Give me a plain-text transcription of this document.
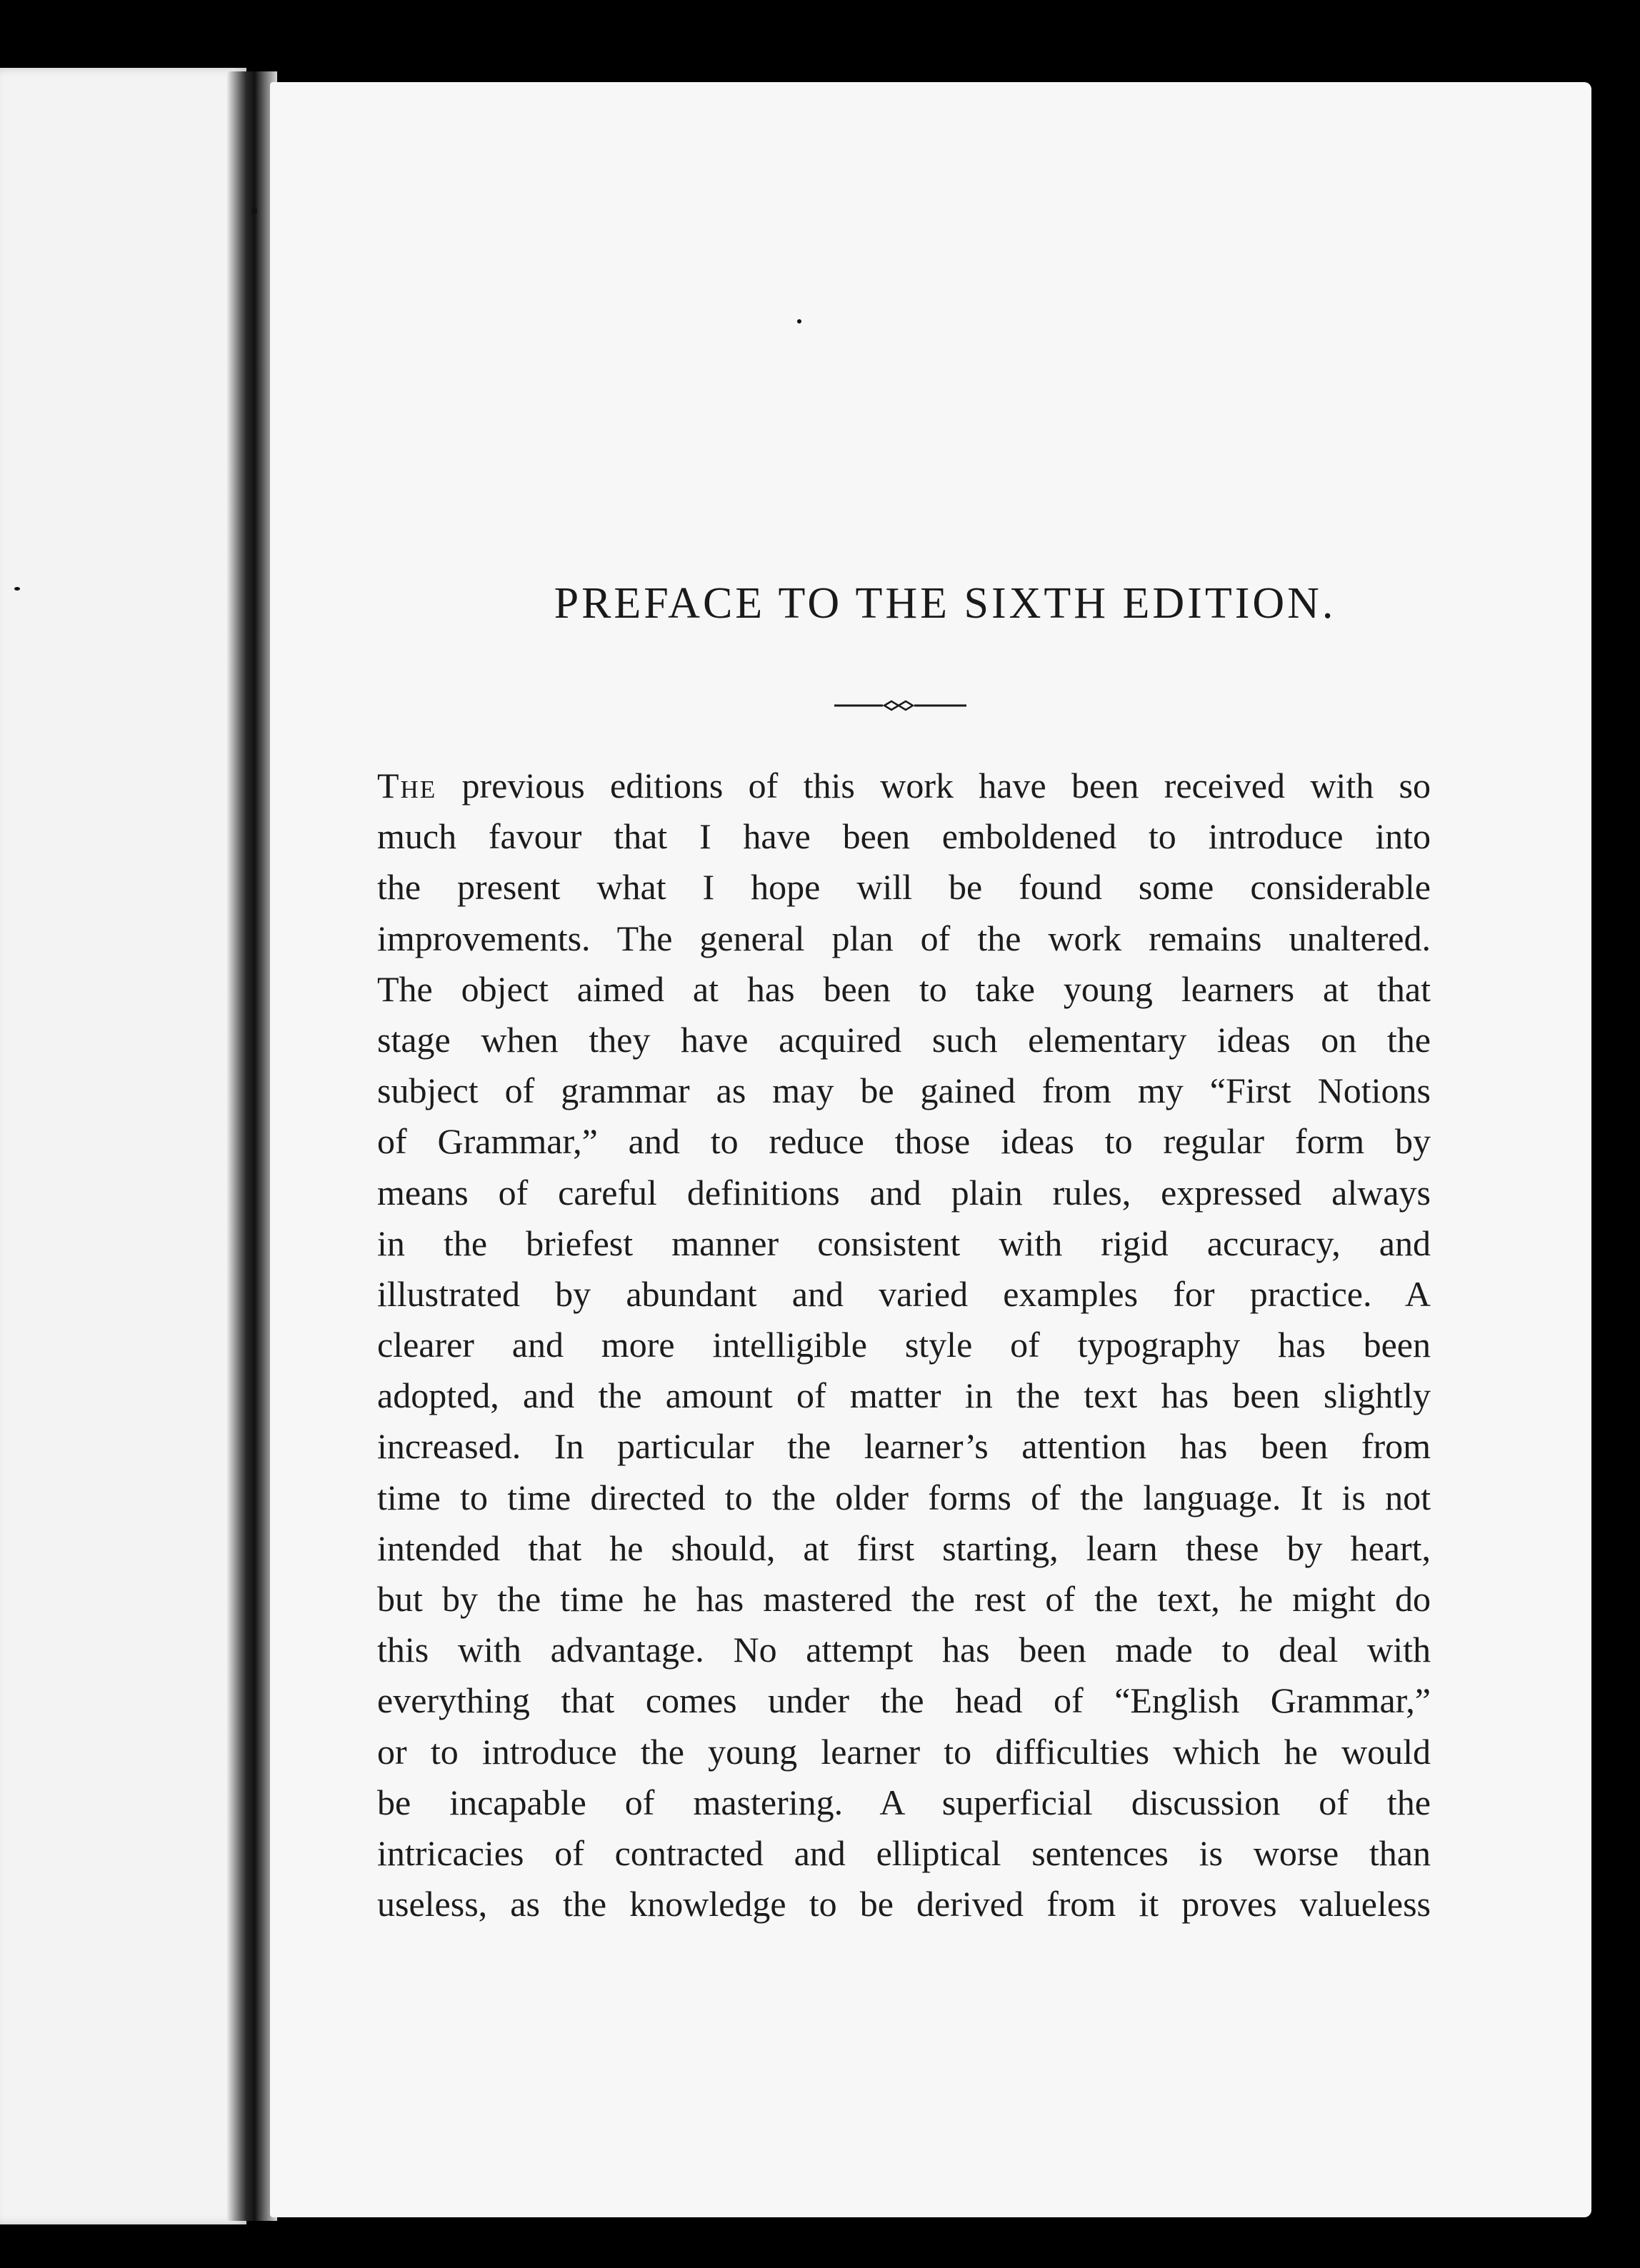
PREFACE TO THE SIXTH EDITION.
The previous editions of this work have been received with so
much favour that I have been emboldened to introduce into
the present what I hope will be found some considerable
improvements. The general plan of the work remains unaltered.
The object aimed at has been to take young learners at that
stage when they have acquired such elementary ideas on the
subject of grammar as may be gained from my “First Notions
of Grammar,” and to reduce those ideas to regular form by
means of careful definitions and plain rules, expressed always
in the briefest manner consistent with rigid accuracy, and
illustrated by abundant and varied examples for practice. A
clearer and more intelligible style of typography has been
adopted, and the amount of matter in the text has been slightly
increased. In particular the learner’s attention has been from
time to time directed to the older forms of the language. It is not
intended that he should, at first starting, learn these by heart,
but by the time he has mastered the rest of the text, he might do
this with advantage. No attempt has been made to deal with
everything that comes under the head of “English Grammar,”
or to introduce the young learner to difficulties which he would
be incapable of mastering. A superficial discussion of the
intricacies of contracted and elliptical sentences is worse than
useless, as the knowledge to be derived from it proves valueless
